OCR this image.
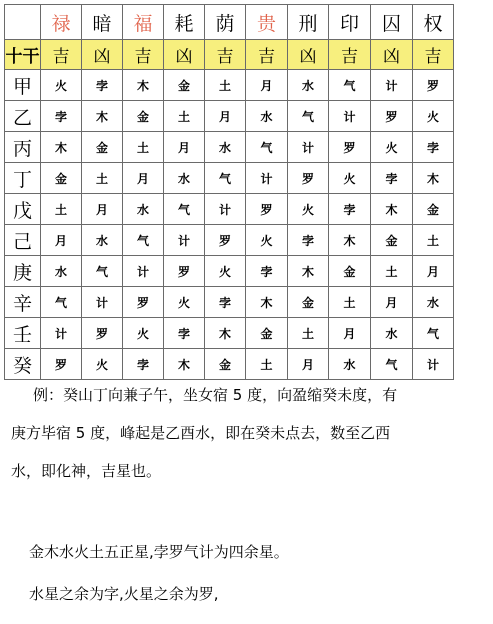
	禄	暗	福	耗	荫	贵	刑	印	囚	权
十干	吉	凶	吉	凶	吉	吉	凶	吉	凶	吉
甲	火	孛	木	金	土	月	水	气	计	罗
乙	孛	木	金	土	月	水	气	计	罗	火
丙	木	金	土	月	水	气	计	罗	火	孛
丁	金	土	月	水	气	计	罗	火	孛	木
戊	土	月	水	气	计	罗	火	孛	木	金
己	月	水	气	计	罗	火	孛	木	金	土
庚	水	气	计	罗	火	孛	木	金	土	月
辛	气	计	罗	火	孛	木	金	土	月	水
壬	计	罗	火	孛	木	金	土	月	水	气
癸	罗	火	孛	木	金	土	月	水	气	计
例：癸山丁向兼子午，坐女宿 5 度，向盈缩癸未度，有
庚方毕宿 5 度，峰起是乙酉水，即在癸未点去，数至乙西
水，即化神，吉星也。
金木水火土五正星,孛罗气计为四余星。
水星之余为字,火星之余为罗,
